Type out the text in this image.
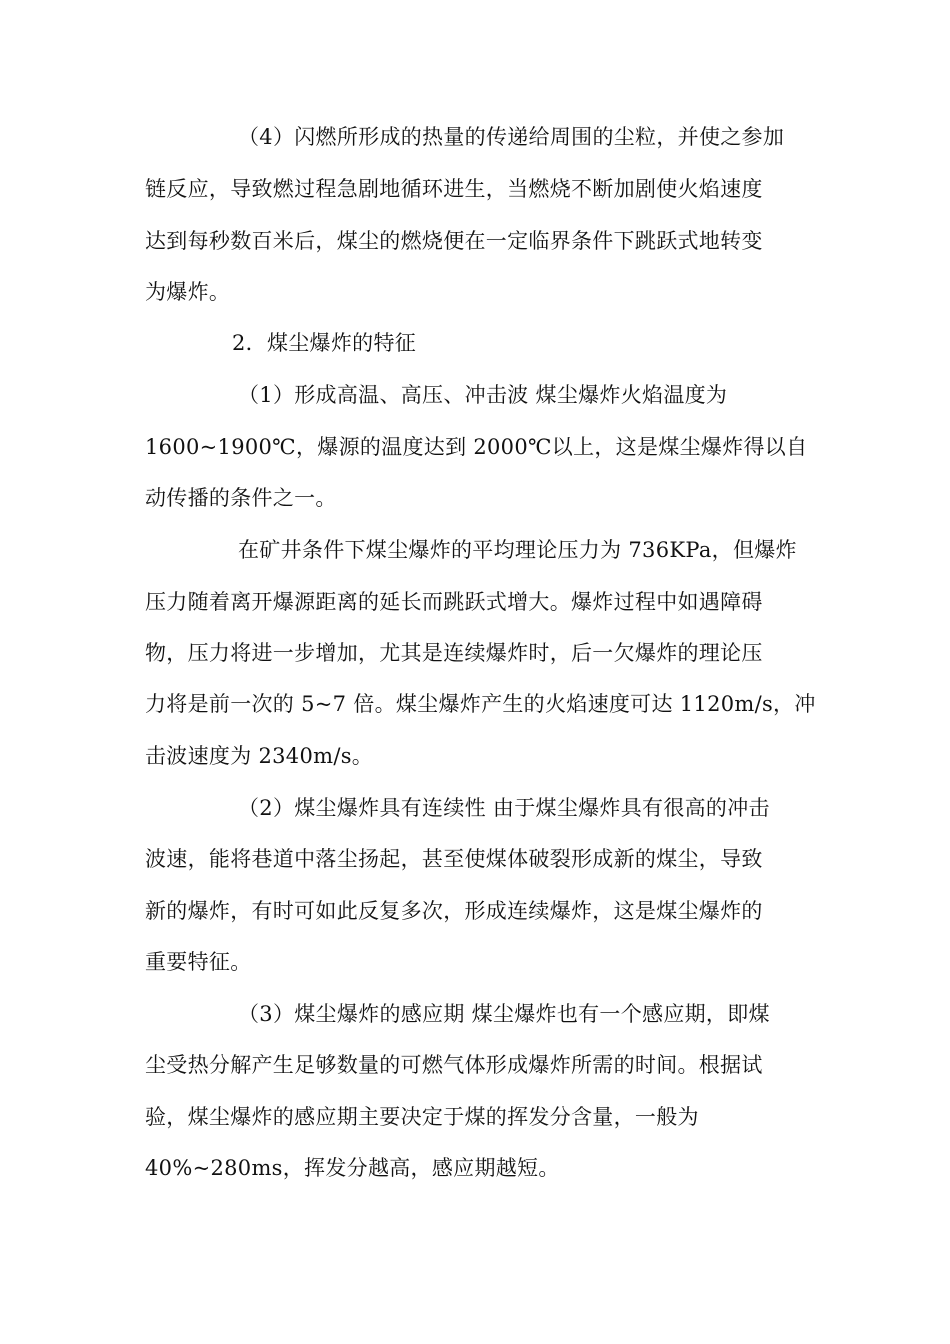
（4）闪燃所形成的热量的传递给周围的尘粒，并使之参加
链反应，导致燃过程急剧地循环进生，当燃烧不断加剧使火焰速度
达到每秒数百米后，煤尘的燃烧便在一定临界条件下跳跃式地转变
为爆炸。
2．煤尘爆炸的特征
（1）形成高温、高压、冲击波 煤尘爆炸火焰温度为
1600~1900℃，爆源的温度达到 2000℃以上，这是煤尘爆炸得以自
动传播的条件之一。
在矿井条件下煤尘爆炸的平均理论压力为 736KPa，但爆炸
压力随着离开爆源距离的延长而跳跃式增大。爆炸过程中如遇障碍
物，压力将进一步增加，尤其是连续爆炸时，后一欠爆炸的理论压
力将是前一次的 5~7 倍。煤尘爆炸产生的火焰速度可达 1120m/s，冲
击波速度为 2340m/s。
（2）煤尘爆炸具有连续性 由于煤尘爆炸具有很高的冲击
波速，能将巷道中落尘扬起，甚至使煤体破裂形成新的煤尘，导致
新的爆炸，有时可如此反复多次，形成连续爆炸，这是煤尘爆炸的
重要特征。
（3）煤尘爆炸的感应期 煤尘爆炸也有一个感应期，即煤
尘受热分解产生足够数量的可燃气体形成爆炸所需的时间。根据试
验，煤尘爆炸的感应期主要决定于煤的挥发分含量，一般为
40%~280ms，挥发分越高，感应期越短。
